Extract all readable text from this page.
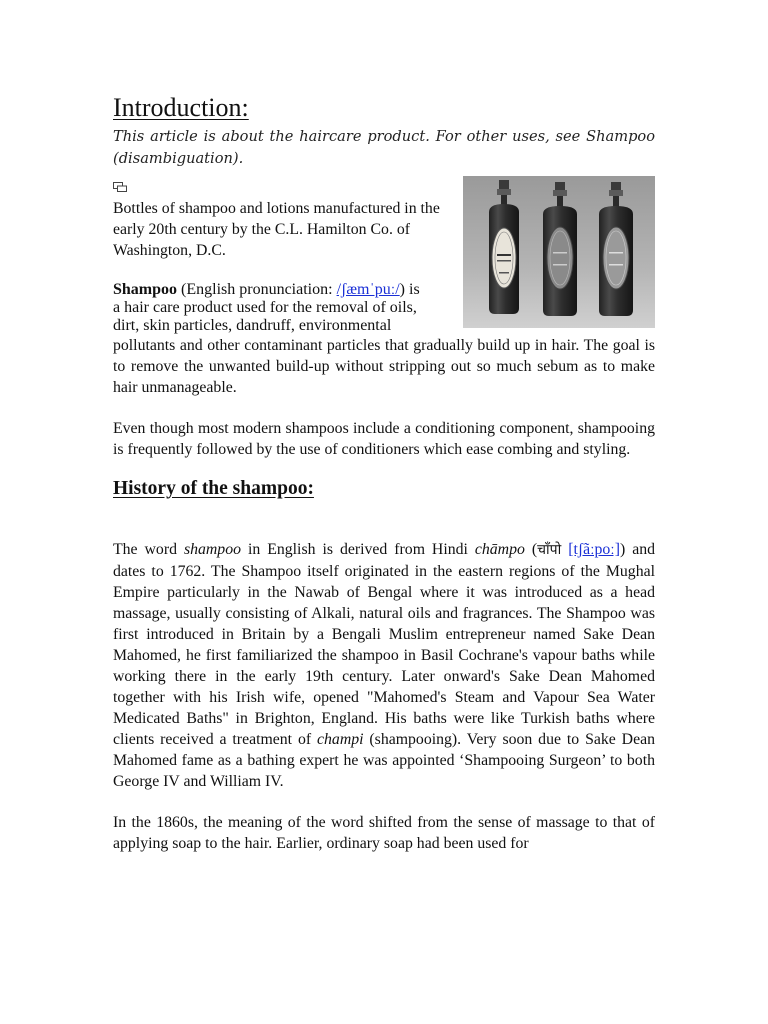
Introduction:
This article is about the haircare product. For other uses, see Shampoo (disambiguation).

Bottles of shampoo and lotions manufactured in the early 20th century by the C.L. Hamilton Co. of Washington, D.C.

Shampoo (English pronunciation: /ʃæmˈpuː/) is
a hair care product used for the removal of oils,
dirt, skin particles, dandruff, environmental

pollutants and other contaminant particles that gradually build up in hair. The goal is to remove the unwanted build-up without stripping out so much sebum as to make hair unmanageable.

Even though most modern shampoos include a conditioning component, shampooing is frequently followed by the use of conditioners which ease combing and styling.

History of the shampoo:

The word shampoo in English is derived from Hindi chāmpo (चाँपो [tʃãːpoː]) and dates to 1762. The Shampoo itself originated in the eastern regions of the Mughal Empire particularly in the Nawab of Bengal where it was introduced as a head massage, usually consisting of Alkali, natural oils and fragrances. The Shampoo was first introduced in Britain by a Bengali Muslim entrepreneur named Sake Dean Mahomed, he first familiarized the shampoo in Basil Cochrane's vapour baths while working there in the early 19th century. Later onward's Sake Dean Mahomed together with his Irish wife, opened "Mahomed's Steam and Vapour Sea Water Medicated Baths" in Brighton, England. His baths were like Turkish baths where clients received a treatment of champi (shampooing). Very soon due to Sake Dean Mahomed fame as a bathing expert he was appointed ‘Shampooing Surgeon’ to both George IV and William IV.

In the 1860s, the meaning of the word shifted from the sense of massage to that of applying soap to the hair. Earlier, ordinary soap had been used for
